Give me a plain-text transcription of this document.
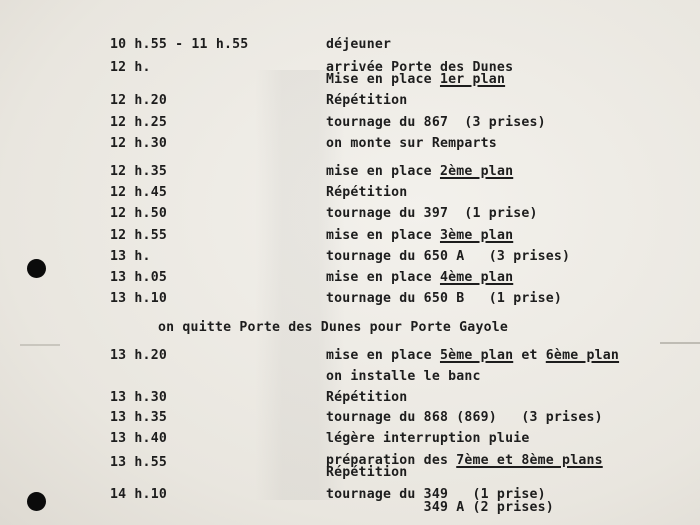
10 h.55 - 11 h.55	déjeuner
12 h.	arrivée Porte des Dunes
Mise en place 1er plan
12 h.20	Répétition
12 h.25	tournage du 867  (3 prises)
12 h.30	on monte sur Remparts
12 h.35	mise en place 2ème plan
12 h.45	Répétition
12 h.50	tournage du 397  (1 prise)
12 h.55	mise en place 3ème plan
13 h.	tournage du 650 A   (3 prises)
13 h.05	mise en place 4ème plan
13 h.10	tournage du 650 B   (1 prise)
on quitte Porte des Dunes pour Porte Gayole
13 h.20	mise en place 5ème plan et 6ème plan
on installe le banc
13 h.30	Répétition
13 h.35	tournage du 868 (869)   (3 prises)
13 h.40	légère interruption pluie
13 h.55	préparation des 7ème et 8ème plans
Répétition
14 h.10	tournage du 349   (1 prise)
349 A (2 prises)
